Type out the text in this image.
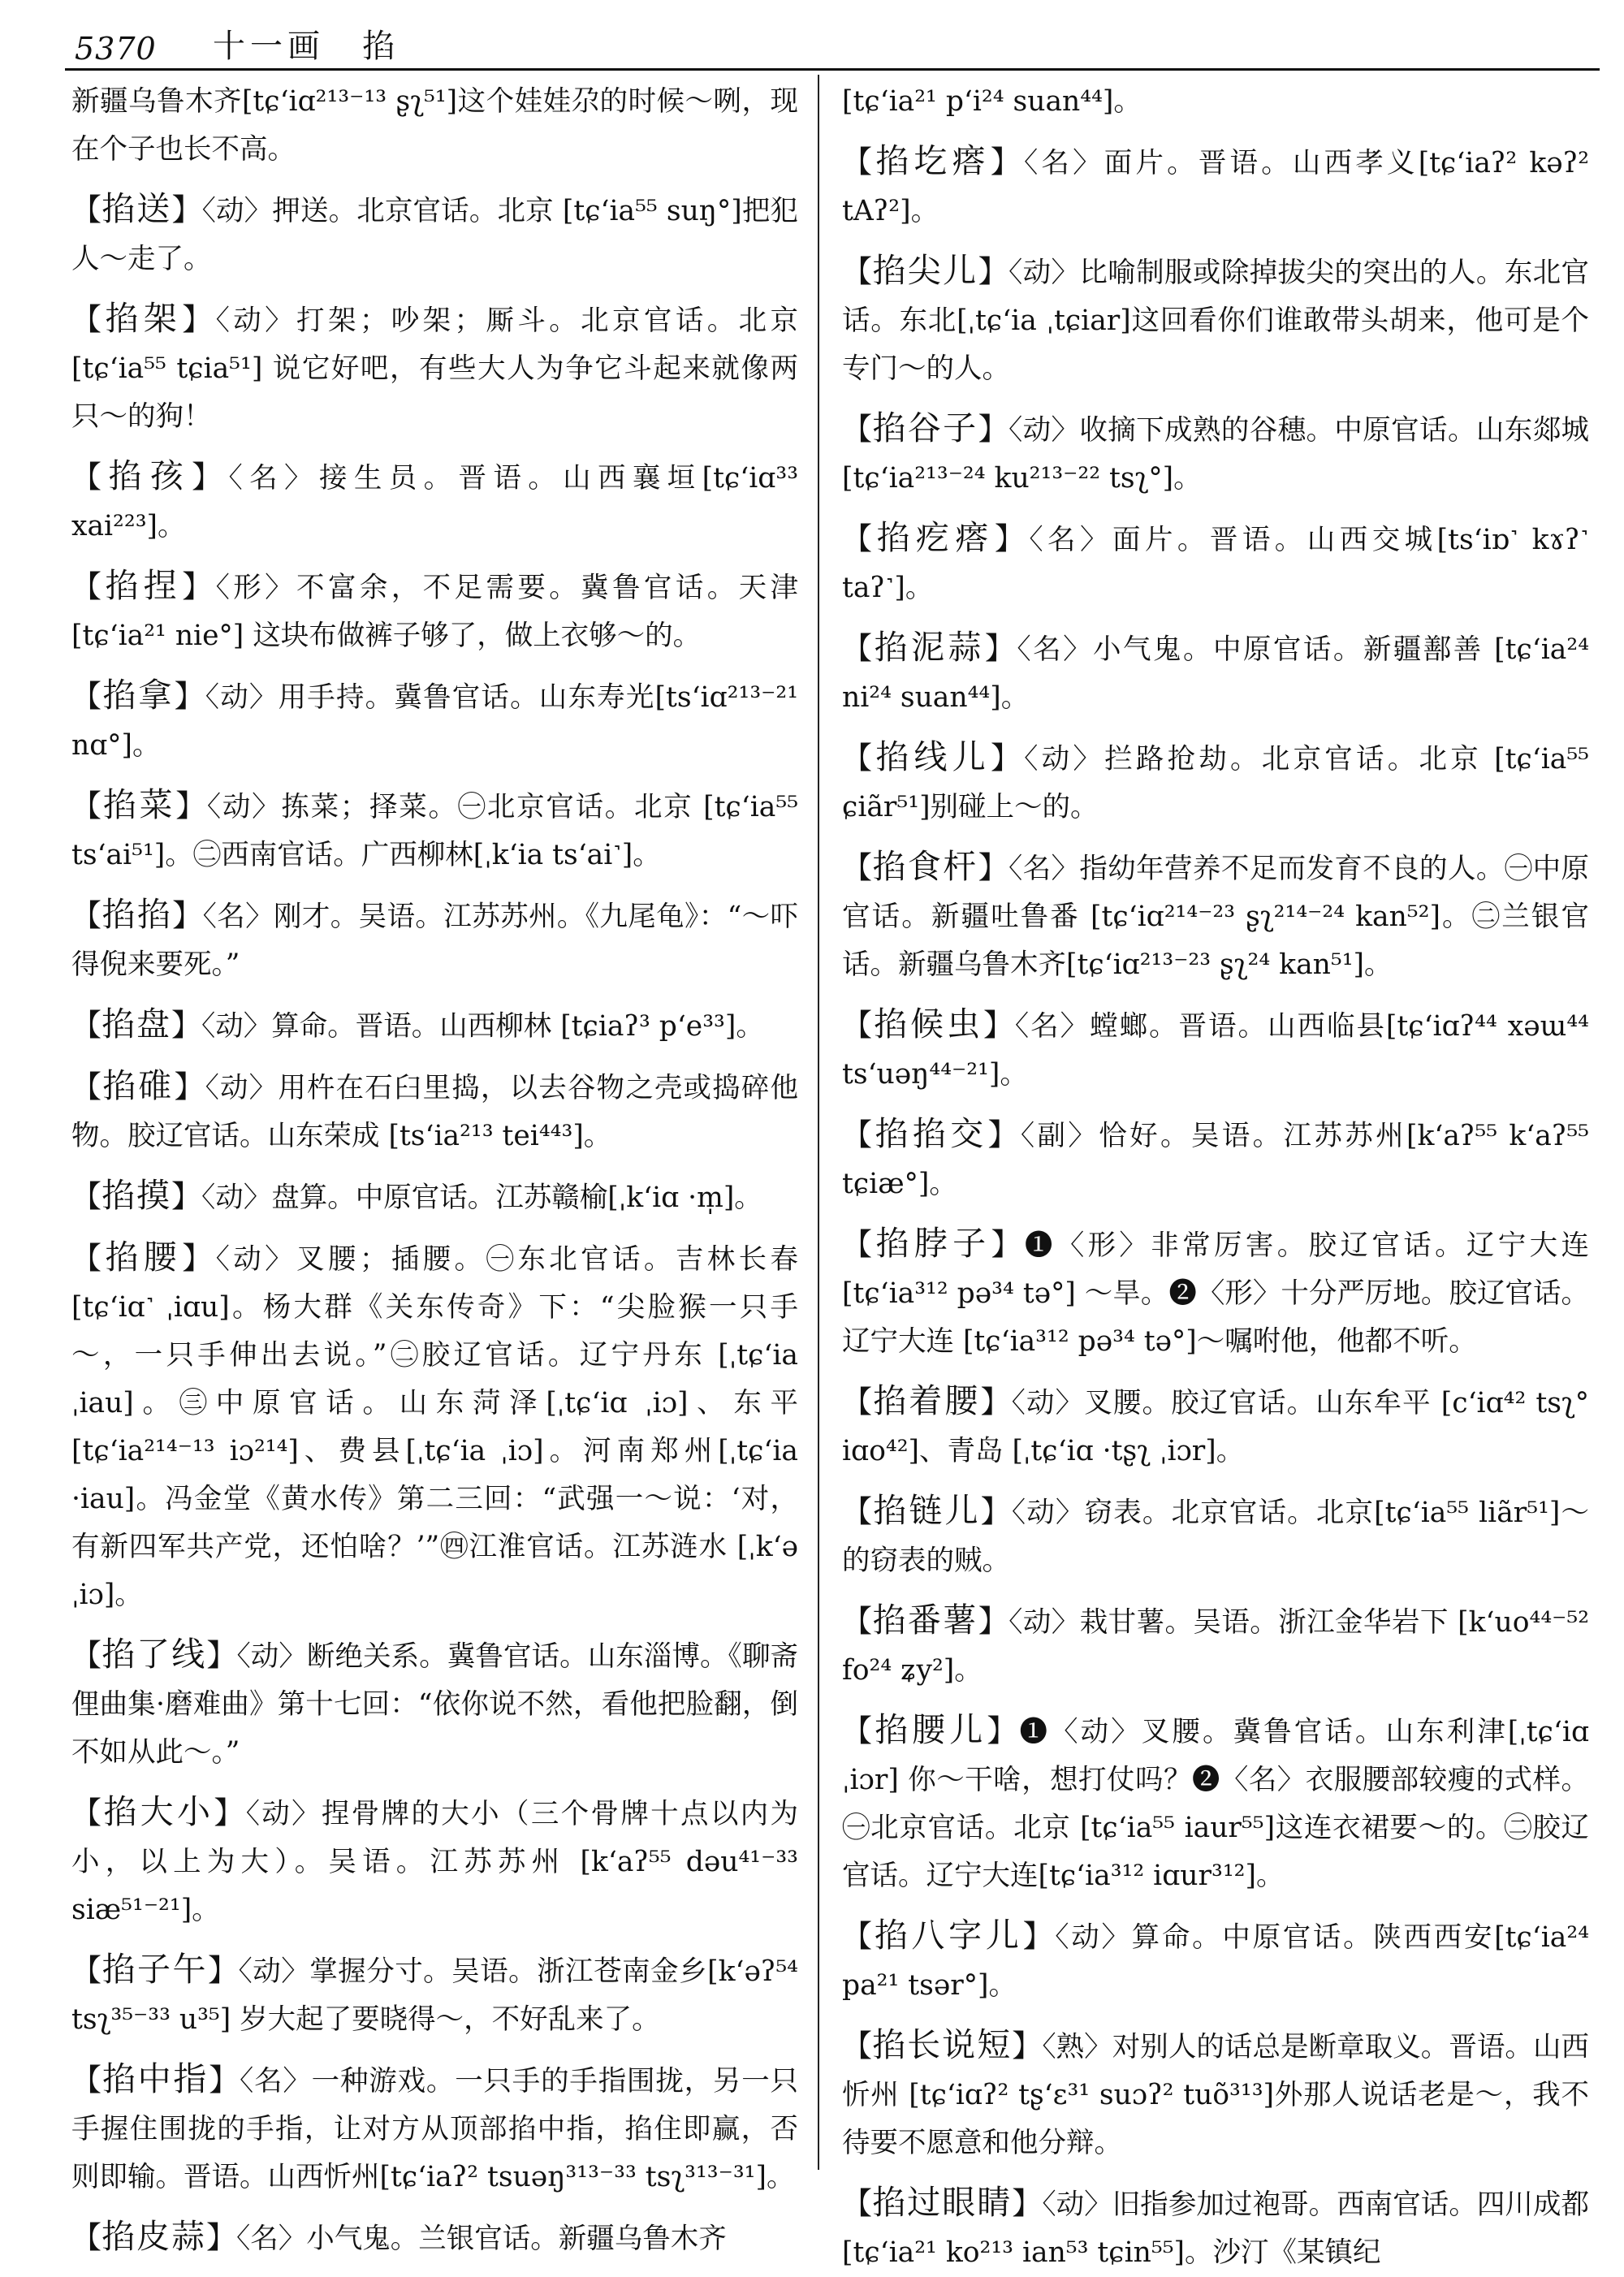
5370	十一画　掐

新疆乌鲁木齐[tɕʻiɑ²¹³⁻¹³ ʂʅ⁵¹]这个娃娃尕的时候～咧，现在个子也长不高。

【 掐送 】 〈动〉押送。北京官话。北京 [tɕʻia⁵⁵ suŋ°]把犯人～走了。

【 掐架 】 〈动〉打架；吵架；厮斗。北京官话。北京 [tɕʻia⁵⁵ tɕia⁵¹] 说它好吧，有些大人为争它斗起来就像两只～的狗！

【 掐孩 】 〈名〉接生员。晋语。山西襄垣[tɕʻiɑ³³ xai²²³]。

【 掐捏 】 〈形〉不富余，不足需要。冀鲁官话。天津 [tɕʻia²¹ nie°] 这块布做裤子够了，做上衣够～的。

【 掐拿 】 〈动〉用手持。冀鲁官话。山东寿光[tsʻiɑ²¹³⁻²¹ nɑ°]。

【 掐菜 】 〈动〉拣菜；择菜。㊀北京官话。北京 [tɕʻia⁵⁵ tsʻai⁵¹]。㊁西南官话。广西柳林[ˌkʻia tsʻai˺]。

【 掐掐 】 〈名〉刚才。吴语。江苏苏州。《九尾龟》：“～吓得倪来要死。”

【 掐盘 】 〈动〉算命。晋语。山西柳林 [tɕiaʔ³ pʻe³³]。

【 掐碓 】 〈动〉用杵在石臼里捣，以去谷物之壳或捣碎他物。胶辽官话。山东荣成 [tsʻia²¹³ tei⁴⁴³]。

【 掐摸 】 〈动〉盘算。中原官话。江苏赣榆[ˌkʻiɑ ·m̩]。

【 掐腰 】 〈动〉叉腰；插腰。㊀东北官话。吉林长春 [tɕʻiɑ˺ ˌiɑu]。杨大群《关东传奇》下：“尖脸猴一只手～，一只手伸出去说。”㊁胶辽官话。辽宁丹东 [ˌtɕʻia ˌiau]。㊂中原官话。山东菏泽[ˌtɕʻiɑ ˌiɔ]、东平 [tɕʻia²¹⁴⁻¹³ iɔ²¹⁴]、费县[ˌtɕʻia ˌiɔ]。河南郑州[ˌtɕʻia ·iau]。冯金堂《黄水传》第二三回：“武强一～说：‘对，有新四军共产党，还怕啥？’”㊃江淮官话。江苏涟水 [ˌkʻə ˌiɔ]。

【 掐了线 】 〈动〉断绝关系。冀鲁官话。山东淄博。《聊斋俚曲集·磨难曲》第十七回：“依你说不然，看他把脸翻，倒不如从此～。”

【 掐大小 】 〈动〉捏骨牌的大小（三个骨牌十点以内为小，以上为大）。吴语。江苏苏州 [kʻaʔ⁵⁵ dəu⁴¹⁻³³ siæ⁵¹⁻²¹]。

【 掐子午 】 〈动〉掌握分寸。吴语。浙江苍南金乡[kʻəʔ⁵⁴ tsʅ³⁵⁻³³ u³⁵] 岁大起了要晓得～，不好乱来了。

【 掐中指 】 〈名〉一种游戏。一只手的手指围拢，另一只手握住围拢的手指，让对方从顶部掐中指，掐住即赢，否则即输。晋语。山西忻州[tɕʻiaʔ² tsuəŋ³¹³⁻³³ tsʅ³¹³⁻³¹]。

【 掐皮蒜 】 〈名〉小气鬼。兰银官话。新疆乌鲁木齐

[tɕʻia²¹ pʻi²⁴ suan⁴⁴]。

【 掐圪瘩 】 〈名〉面片。晋语。山西孝义[tɕʻiaʔ² kəʔ² tAʔ²]。

【 掐尖儿 】 〈动〉比喻制服或除掉拔尖的突出的人。东北官话。东北[ˌtɕʻia ˌtɕiar]这回看你们谁敢带头胡来，他可是个专门～的人。

【 掐谷子 】 〈动〉收摘下成熟的谷穗。中原官话。山东郯城[tɕʻia²¹³⁻²⁴ ku²¹³⁻²² tsʅ°]。

【 掐疙瘩 】 〈名〉面片。晋语。山西交城[tsʻiɒ˺ kɤʔ˺ taʔ˺]。

【 掐泥蒜 】 〈名〉小气鬼。中原官话。新疆鄯善 [tɕʻia²⁴ ni²⁴ suan⁴⁴]。

【 掐线儿 】 〈动〉拦路抢劫。北京官话。北京 [tɕʻia⁵⁵ ɕiãr⁵¹]别碰上～的。

【 掐食杆 】 〈名〉指幼年营养不足而发育不良的人。㊀中原官话。新疆吐鲁番 [tɕʻiɑ²¹⁴⁻²³ ʂʅ²¹⁴⁻²⁴ kan⁵²]。㊁兰银官话。新疆乌鲁木齐[tɕʻiɑ²¹³⁻²³ ʂʅ²⁴ kan⁵¹]。

【 掐候虫 】 〈名〉螳螂。晋语。山西临县[tɕʻiɑʔ⁴⁴ xəɯ⁴⁴ tsʻuəŋ⁴⁴⁻²¹]。

【 掐掐交 】 〈副〉恰好。吴语。江苏苏州[kʻaʔ⁵⁵ kʻaʔ⁵⁵ tɕiæ°]。

【 掐脖子 】 ❶〈形〉非常厉害。胶辽官话。辽宁大连 [tɕʻia³¹² pə³⁴ tə°] ～旱。❷〈形〉十分严厉地。胶辽官话。辽宁大连 [tɕʻia³¹² pə³⁴ tə°]～嘱咐他，他都不听。

【 掐着腰 】 〈动〉叉腰。胶辽官话。山东牟平 [cʻiɑ⁴² tsʅ° iɑo⁴²]、青岛 [ˌtɕʻiɑ ·tʂʅ ˌiɔr]。

【 掐链儿 】 〈动〉窃表。北京官话。北京[tɕʻia⁵⁵ liãr⁵¹]～的窃表的贼。

【 掐番薯 】 〈动〉栽甘薯。吴语。浙江金华岩下 [kʻuo⁴⁴⁻⁵² fo²⁴ ʑy²]。

【 掐腰儿 】 ❶〈动〉叉腰。冀鲁官话。山东利津[ˌtɕʻiɑ ˌiɔr] 你～干啥，想打仗吗？❷〈名〉衣服腰部较瘦的式样。㊀北京官话。北京 [tɕʻia⁵⁵ iaur⁵⁵]这连衣裙要～的。㊁胶辽官话。辽宁大连[tɕʻia³¹² iɑur³¹²]。

【 掐八字儿 】 〈动〉算命。中原官话。陕西西安[tɕʻia²⁴ pa²¹ tsər°]。

【 掐长说短 】 〈熟〉对别人的话总是断章取义。晋语。山西忻州 [tɕʻiɑʔ² tʂʻɛ³¹ suɔʔ² tuõ³¹³]外那人说话老是～，我不待要不愿意和他分辩。

【 掐过眼睛 】 〈动〉旧指参加过袍哥。西南官话。四川成都 [tɕʻia²¹ ko²¹³ ian⁵³ tɕin⁵⁵]。沙汀《某镇纪
